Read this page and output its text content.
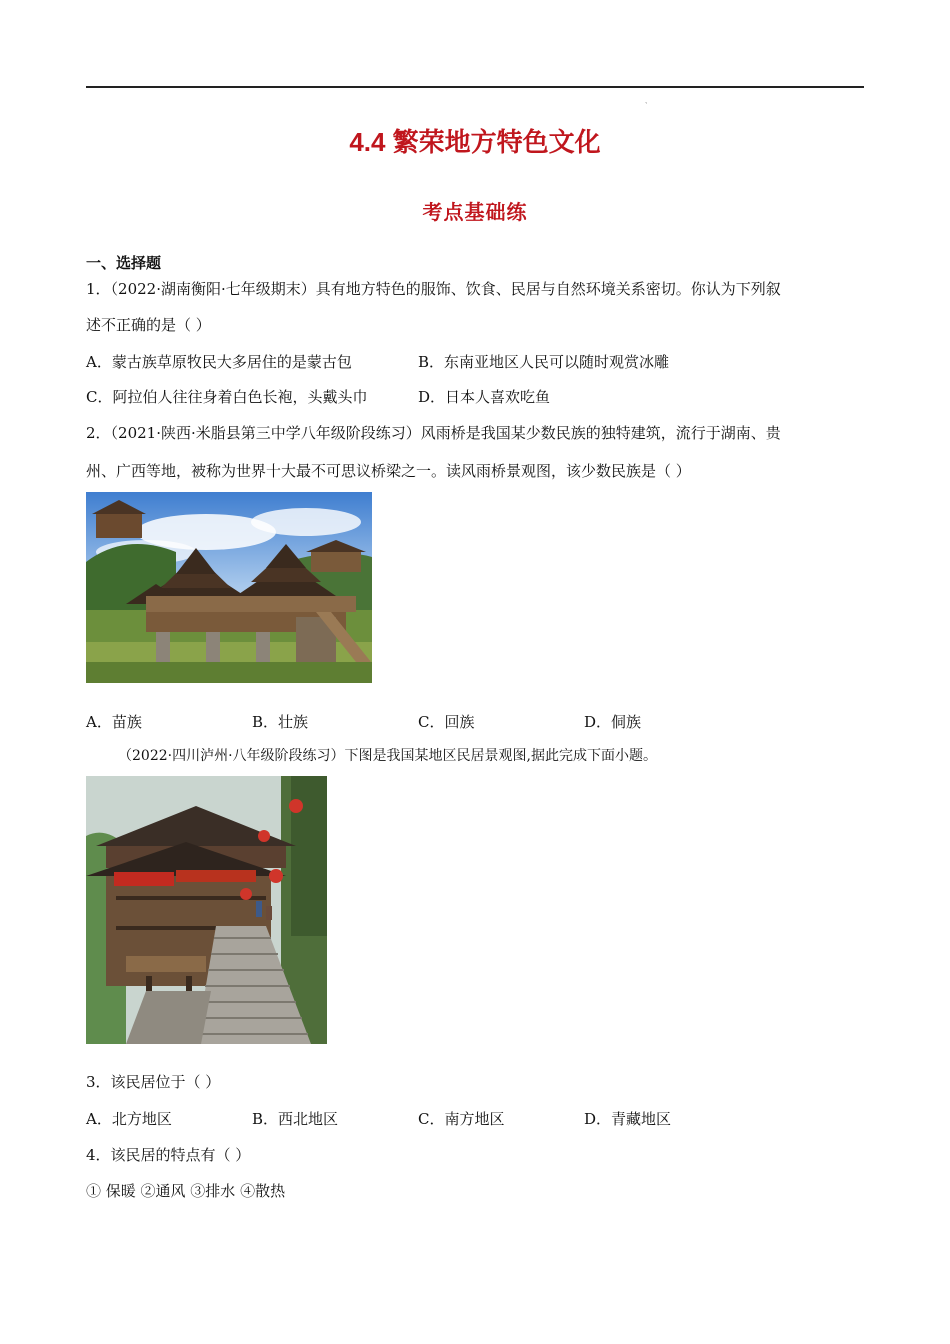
、
4.4 繁荣地方特色文化
考点基础练
一、选择题
1．（2022·湖南衡阳·七年级期末）具有地方特色的服饰、饮食、民居与自然环境关系密切。你认为下列叙
述不正确的是（ ）
A．蒙古族草原牧民大多居住的是蒙古包	B．东南亚地区人民可以随时观赏冰雕
C．阿拉伯人往往身着白色长袍，头戴头巾	D．日本人喜欢吃鱼
2．（2021·陕西·米脂县第三中学八年级阶段练习）风雨桥是我国某少数民族的独特建筑，流行于湖南、贵
州、广西等地，被称为世界十大最不可思议桥梁之一。读风雨桥景观图，该少数民族是（ ）
A．苗族	B．壮族	C．回族	D．侗族
（2022·四川泸州·八年级阶段练习）下图是我国某地区民居景观图,据此完成下面小题。
3．该民居位于（ ）
A．北方地区	B．西北地区	C．南方地区	D．青藏地区
4．该民居的特点有（ ）
① 保暖 ②通风 ③排水 ④散热
